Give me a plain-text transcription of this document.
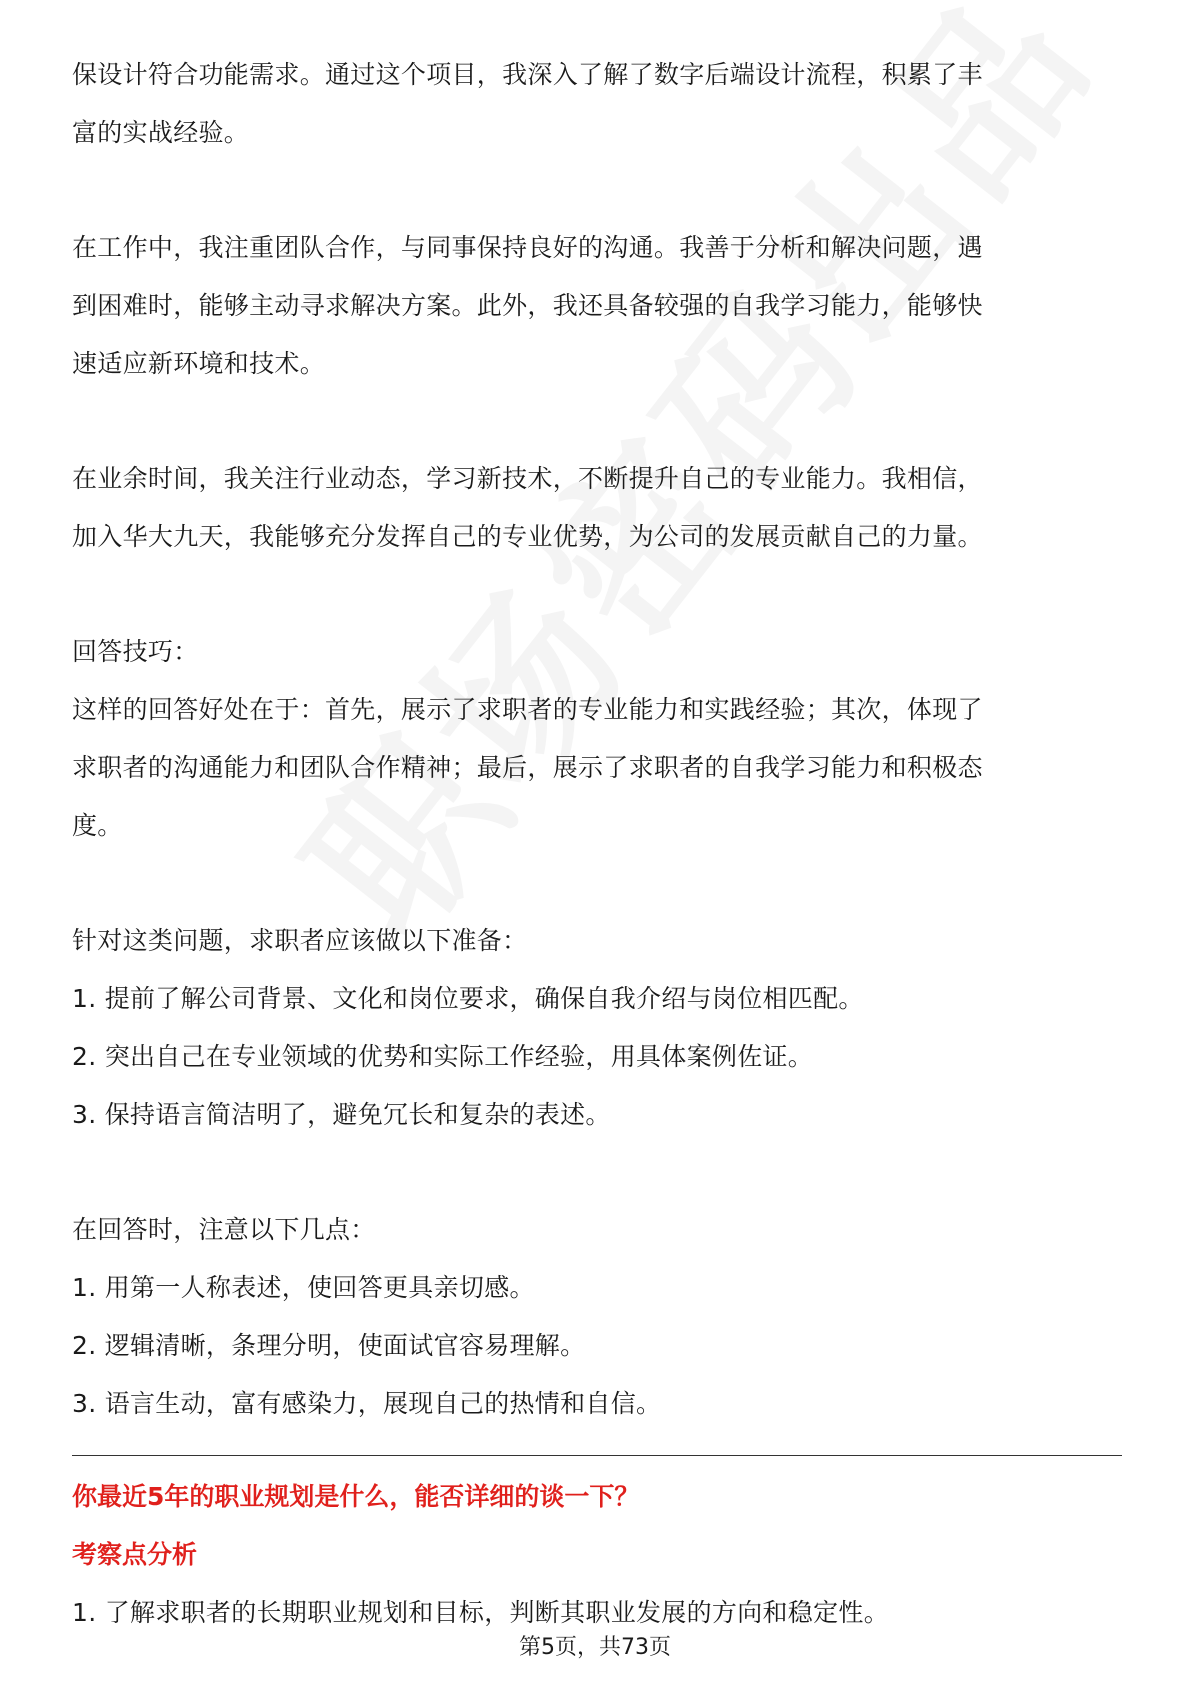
保设计符合功能需求。通过这个项目，我深入了解了数字后端设计流程，积累了丰

富的实战经验。

在工作中，我注重团队合作，与同事保持良好的沟通。我善于分析和解决问题，遇

到困难时，能够主动寻求解决方案。此外，我还具备较强的自我学习能力，能够快

速适应新环境和技术。

在业余时间，我关注行业动态，学习新技术，不断提升自己的专业能力。我相信，

加入华大九天，我能够充分发挥自己的专业优势，为公司的发展贡献自己的力量。

回答技巧：

这样的回答好处在于：首先，展示了求职者的专业能力和实践经验；其次，体现了

求职者的沟通能力和团队合作精神；最后，展示了求职者的自我学习能力和积极态

度。

针对这类问题，求职者应该做以下准备：

1. 提前了解公司背景、文化和岗位要求，确保自我介绍与岗位相匹配。

2. 突出自己在专业领域的优势和实际工作经验，用具体案例佐证。

3. 保持语言简洁明了，避免冗长和复杂的表述。

在回答时，注意以下几点：

1. 用第一人称表述，使回答更具亲切感。

2. 逻辑清晰，条理分明，使面试官容易理解。

3. 语言生动，富有感染力，展现自己的热情和自信。

你最近5年的职业规划是什么，能否详细的谈一下？

考察点分析

1. 了解求职者的长期职业规划和目标，判断其职业发展的方向和稳定性。

第5页，共73页
